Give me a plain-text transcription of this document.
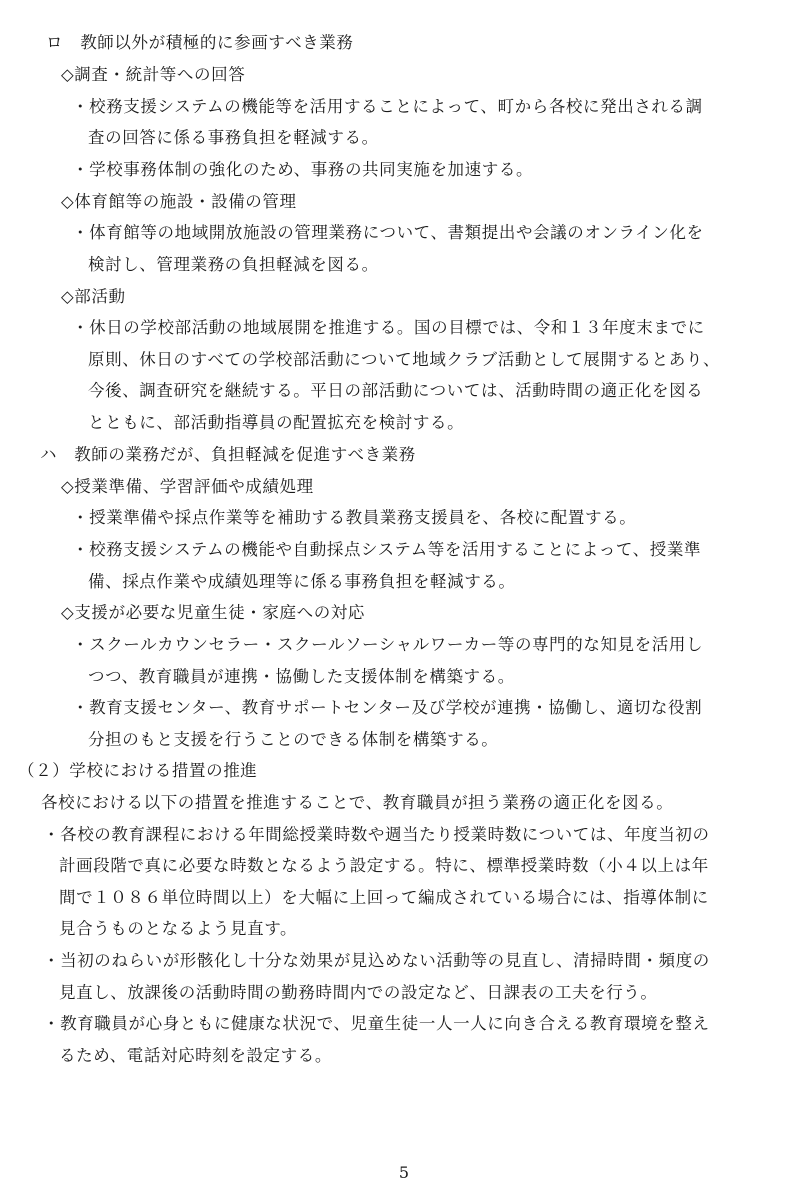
ロ　教師以外が積極的に参画すべき業務
◇調査・統計等への回答
・校務支援システムの機能等を活用することによって、町から各校に発出される調
査の回答に係る事務負担を軽減する。
・学校事務体制の強化のため、事務の共同実施を加速する。
◇体育館等の施設・設備の管理
・体育館等の地域開放施設の管理業務について、書類提出や会議のオンライン化を
検討し、管理業務の負担軽減を図る。
◇部活動
・休日の学校部活動の地域展開を推進する。国の目標では、令和１３年度末までに
原則、休日のすべての学校部活動について地域クラブ活動として展開するとあり、
今後、調査研究を継続する。平日の部活動については、活動時間の適正化を図る
とともに、部活動指導員の配置拡充を検討する。
ハ　教師の業務だが、負担軽減を促進すべき業務
◇授業準備、学習評価や成績処理
・授業準備や採点作業等を補助する教員業務支援員を、各校に配置する。
・校務支援システムの機能や自動採点システム等を活用することによって、授業準
備、採点作業や成績処理等に係る事務負担を軽減する。
◇支援が必要な児童生徒・家庭への対応
・スクールカウンセラー・スクールソーシャルワーカー等の専門的な知見を活用し
つつ、教育職員が連携・協働した支援体制を構築する。
・教育支援センター、教育サポートセンター及び学校が連携・協働し、適切な役割
分担のもと支援を行うことのできる体制を構築する。
（２）学校における措置の推進
各校における以下の措置を推進することで、教育職員が担う業務の適正化を図る。
・各校の教育課程における年間総授業時数や週当たり授業時数については、年度当初の
計画段階で真に必要な時数となるよう設定する。特に、標準授業時数（小４以上は年
間で１０８６単位時間以上）を大幅に上回って編成されている場合には、指導体制に
見合うものとなるよう見直す。
・当初のねらいが形骸化し十分な効果が見込めない活動等の見直し、清掃時間・頻度の
見直し、放課後の活動時間の勤務時間内での設定など、日課表の工夫を行う。
・教育職員が心身ともに健康な状況で、児童生徒一人一人に向き合える教育環境を整え
るため、電話対応時刻を設定する。
5
